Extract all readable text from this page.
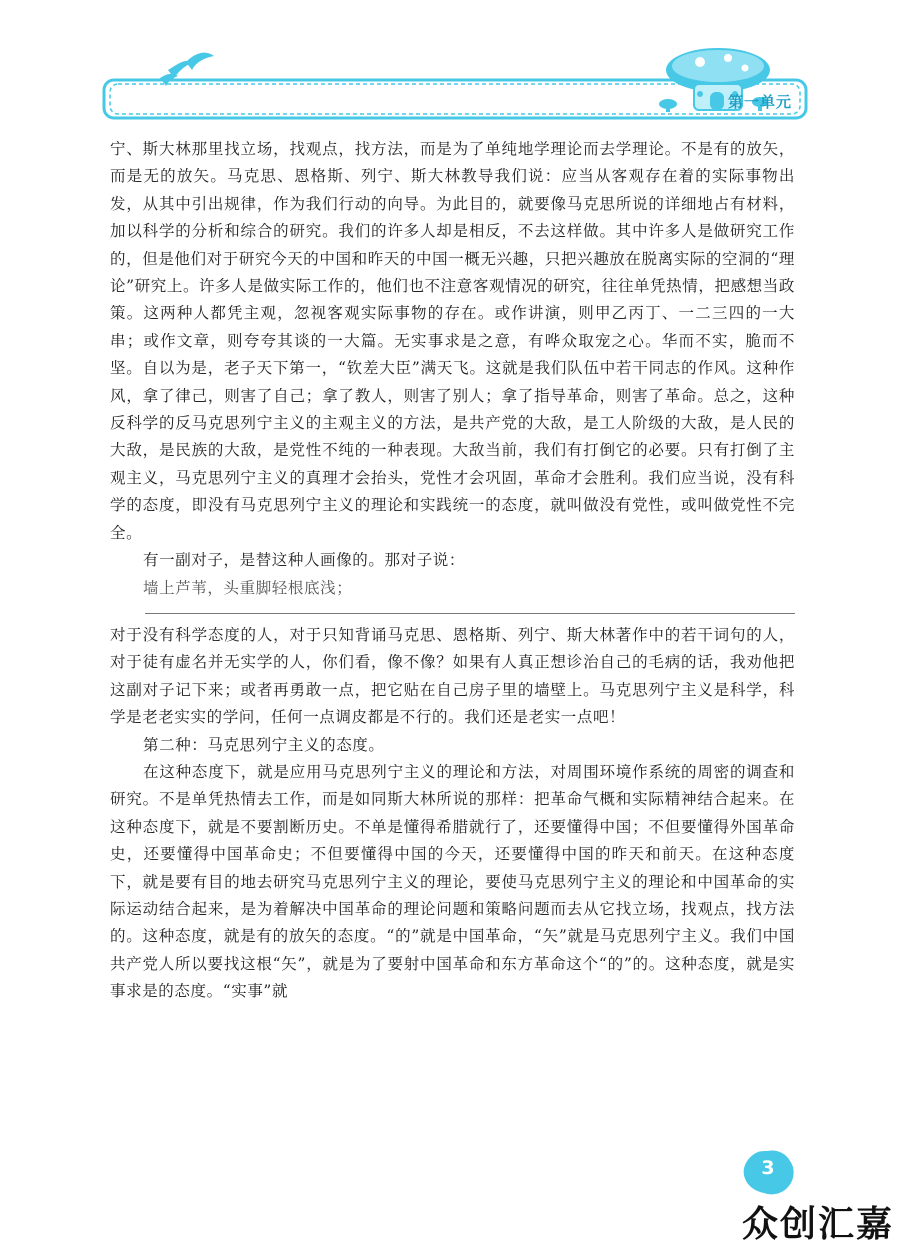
第一单元

宁、斯大林那里找立场，找观点，找方法，而是为了单纯地学理论而去学理论。不是有的放矢，而是无的放矢。马克思、恩格斯、列宁、斯大林教导我们说：应当从客观存在着的实际事物出发，从其中引出规律，作为我们行动的向导。为此目的，就要像马克思所说的详细地占有材料，加以科学的分析和综合的研究。我们的许多人却是相反，不去这样做。其中许多人是做研究工作的，但是他们对于研究今天的中国和昨天的中国一概无兴趣，只把兴趣放在脱离实际的空洞的“理论”研究上。许多人是做实际工作的，他们也不注意客观情况的研究，往往单凭热情，把感想当政策。这两种人都凭主观，忽视客观实际事物的存在。或作讲演，则甲乙丙丁、一二三四的一大串；或作文章，则夸夸其谈的一大篇。无实事求是之意，有哗众取宠之心。华而不实，脆而不坚。自以为是，老子天下第一，“钦差大臣”满天飞。这就是我们队伍中若干同志的作风。这种作风，拿了律己，则害了自己；拿了教人，则害了别人；拿了指导革命，则害了革命。总之，这种反科学的反马克思列宁主义的主观主义的方法，是共产党的大敌，是工人阶级的大敌，是人民的大敌，是民族的大敌，是党性不纯的一种表现。大敌当前，我们有打倒它的必要。只有打倒了主观主义，马克思列宁主义的真理才会抬头，党性才会巩固，革命才会胜利。我们应当说，没有科学的态度，即没有马克思列宁主义的理论和实践统一的态度，就叫做没有党性，或叫做党性不完全。

有一副对子，是替这种人画像的。那对子说：

墙上芦苇，头重脚轻根底浅；

对于没有科学态度的人，对于只知背诵马克思、恩格斯、列宁、斯大林著作中的若干词句的人，对于徒有虚名并无实学的人，你们看，像不像？如果有人真正想诊治自己的毛病的话，我劝他把这副对子记下来；或者再勇敢一点，把它贴在自己房子里的墙壁上。马克思列宁主义是科学，科学是老老实实的学问，任何一点调皮都是不行的。我们还是老实一点吧！

第二种：马克思列宁主义的态度。

在这种态度下，就是应用马克思列宁主义的理论和方法，对周围环境作系统的周密的调查和研究。不是单凭热情去工作，而是如同斯大林所说的那样：把革命气概和实际精神结合起来。在这种态度下，就是不要割断历史。不单是懂得希腊就行了，还要懂得中国；不但要懂得外国革命史，还要懂得中国革命史；不但要懂得中国的今天，还要懂得中国的昨天和前天。在这种态度下，就是要有目的地去研究马克思列宁主义的理论，要使马克思列宁主义的理论和中国革命的实际运动结合起来，是为着解决中国革命的理论问题和策略问题而去从它找立场，找观点，找方法的。这种态度，就是有的放矢的态度。“的”就是中国革命，“矢”就是马克思列宁主义。我们中国共产党人所以要找这根“矢”，就是为了要射中国革命和东方革命这个“的”的。这种态度，就是实事求是的态度。“实事”就

3
众创汇嘉
